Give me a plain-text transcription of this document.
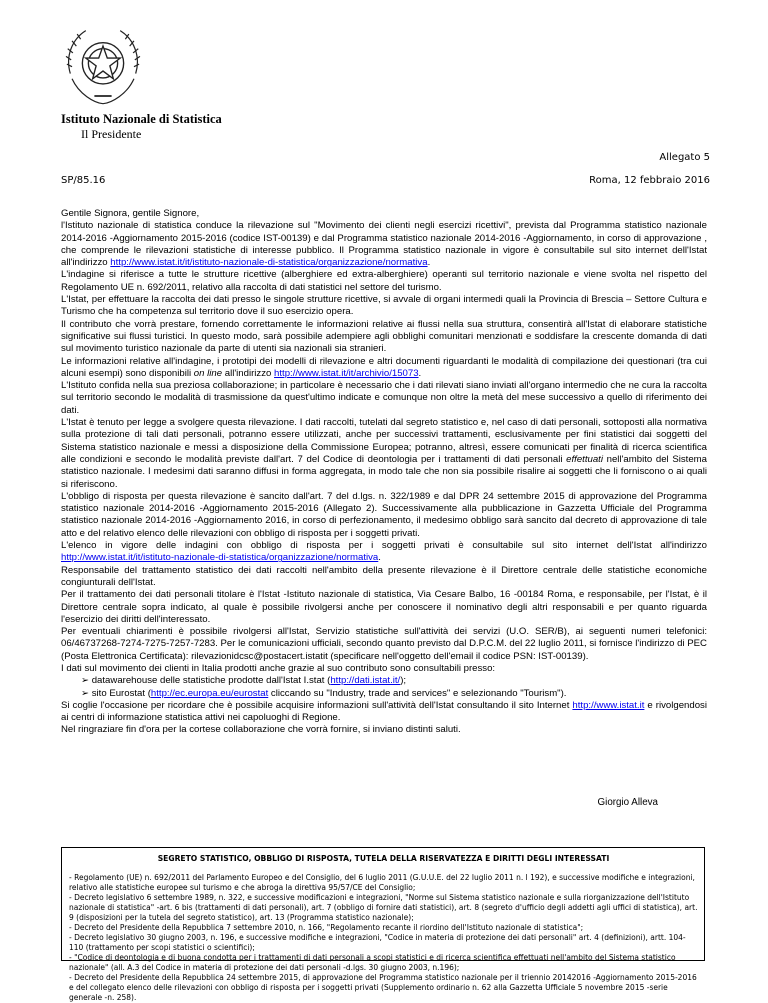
Istituto Nazionale di Statistica
Il Presidente
Allegato 5
SP/85.16	Roma, 12 febbraio 2016

Gentile Signora, gentile Signore,

l'Istituto nazionale di statistica conduce la rilevazione sul "Movimento dei clienti negli esercizi ricettivi", prevista dal Programma statistico nazionale 2014-2016 -Aggiornamento 2015-2016 (codice IST-00139) e dal Programma statistico nazionale 2014-2016 -Aggiornamento, in corso di approvazione , che comprende le rilevazioni statistiche di interesse pubblico. Il Programma statistico nazionale in vigore è consultabile sul sito internet dell'Istat all'indirizzo http://www.istat.it/it/istituto-nazionale-di-statistica/organizzazione/normativa.

L'indagine si riferisce a tutte le strutture ricettive (alberghiere ed extra-alberghiere) operanti sul territorio nazionale e viene svolta nel rispetto del Regolamento UE n. 692/2011, relativo alla raccolta di dati statistici nel settore del turismo.

L'Istat, per effettuare la raccolta dei dati presso le singole strutture ricettive, si avvale di organi intermedi quali la Provincia di Brescia – Settore Cultura e Turismo che ha competenza sul territorio dove il suo esercizio opera.

Il contributo che vorrà prestare, fornendo correttamente le informazioni relative ai flussi nella sua struttura, consentirà all'Istat di elaborare statistiche significative sui flussi turistici. In questo modo, sarà possibile adempiere agli obblighi comunitari menzionati e soddisfare la crescente domanda di dati sul movimento turistico nazionale da parte di utenti sia nazionali sia stranieri.

Le informazioni relative all'indagine, i prototipi dei modelli di rilevazione e altri documenti riguardanti le modalità di compilazione dei questionari (tra cui alcuni esempi) sono disponibili on line all'indirizzo http://www.istat.it/it/archivio/15073.

L'Istituto confida nella sua preziosa collaborazione; in particolare è necessario che i dati rilevati siano inviati all'organo intermedio che ne cura la raccolta sul territorio secondo le modalità di trasmissione da quest'ultimo indicate e comunque non oltre la metà del mese successivo a quello di riferimento dei dati.

L'Istat è tenuto per legge a svolgere questa rilevazione. I dati raccolti, tutelati dal segreto statistico e, nel caso di dati personali, sottoposti alla normativa sulla protezione di tali dati personali, potranno essere utilizzati, anche per successivi trattamenti, esclusivamente per fini statistici dai soggetti del Sistema statistico nazionale e messi a disposizione della Commissione Europea; potranno, altresì, essere comunicati per finalità di ricerca scientifica alle condizioni e secondo le modalità previste dall'art. 7 del Codice di deontologia per i trattamenti di dati personali effettuati nell'ambito del Sistema statistico nazionale. I medesimi dati saranno diffusi in forma aggregata, in modo tale che non sia possibile risalire ai soggetti che li forniscono o ai quali si riferiscono.

L'obbligo di risposta per questa rilevazione è sancito dall'art. 7 del d.lgs. n. 322/1989 e dal DPR 24 settembre 2015 di approvazione del Programma statistico nazionale 2014-2016 -Aggiornamento 2015-2016 (Allegato 2). Successivamente alla pubblicazione in Gazzetta Ufficiale del Programma statistico nazionale 2014-2016 -Aggiornamento 2016, in corso di perfezionamento, il medesimo obbligo sarà sancito dal decreto di approvazione di tale atto e del relativo elenco delle rilevazioni con obbligo di risposta per i soggetti privati.

L'elenco in vigore delle indagini con obbligo di risposta per i soggetti privati è consultabile sul sito internet dell'Istat all'indirizzo http://www.istat.it/it/istituto-nazionale-di-statistica/organizzazione/normativa.

Responsabile del trattamento statistico dei dati raccolti nell'ambito della presente rilevazione è il Direttore centrale delle statistiche economiche congiunturali dell'Istat.

Per il trattamento dei dati personali titolare è l'Istat -Istituto nazionale di statistica, Via Cesare Balbo, 16 -00184 Roma, e responsabile, per l'Istat, è il Direttore centrale sopra indicato, al quale è possibile rivolgersi anche per conoscere il nominativo degli altri responsabili e per quanto riguarda l'esercizio dei diritti dell'interessato.

Per eventuali chiarimenti è possibile rivolgersi all'Istat, Servizio statistiche sull'attività dei servizi (U.O. SER/B), ai seguenti numeri telefonici: 06/46737268-7274-7275-7257-7283. Per le comunicazioni ufficiali, secondo quanto previsto dal D.P.C.M. del 22 luglio 2011, si fornisce l'indirizzo di PEC (Posta Elettronica Certificata): rilevazionidcsc@postacert.istatit (specificare nell'oggetto dell'email il codice PSN: IST-00139).

I dati sul movimento dei clienti in Italia prodotti anche grazie al suo contributo sono consultabili presso:

➢ datawarehouse delle statistiche prodotte dall'Istat I.stat (http://dati.istat.it/);

➢ sito Eurostat (http://ec.europa.eu/eurostat cliccando su "Industry, trade and services" e selezionando "Tourism").

Si coglie l'occasione per ricordare che è possibile acquisire informazioni sull'attività dell'Istat consultando il sito Internet http://www.istat.it e rivolgendosi ai centri di informazione statistica attivi nei capoluoghi di Regione.

Nel ringraziare fin d'ora per la cortese collaborazione che vorrà fornire, si inviano distinti saluti.

Giorgio Alleva
SEGRETO STATISTICO, OBBLIGO DI RISPOSTA, TUTELA DELLA RISERVATEZZA E DIRITTI DEGLI INTERESSATI

- Regolamento (UE) n. 692/2011 del Parlamento Europeo e del Consiglio, del 6 luglio 2011 (G.U.U.E. del 22 luglio 2011 n. l 192), e successive modifiche e integrazioni, relativo alle statistiche europee sul turismo e che abroga la direttiva 95/57/CE del Consiglio;

- Decreto legislativo 6 settembre 1989, n. 322, e successive modificazioni e integrazioni, "Norme sul Sistema statistico nazionale e sulla riorganizzazione dell'Istituto nazionale di statistica" -art. 6 bis (trattamenti di dati personali), art. 7 (obbligo di fornire dati statistici), art. 8 (segreto d'ufficio degli addetti agli uffici di statistica), art. 9 (disposizioni per la tutela del segreto statistico), art. 13 (Programma statistico nazionale);

- Decreto del Presidente della Repubblica 7 settembre 2010, n. 166, "Regolamento recante il riordino dell'Istituto nazionale di statistica";

- Decreto legislativo 30 giugno 2003, n. 196, e successive modifiche e integrazioni, "Codice in materia di protezione dei dati personali" art. 4 (definizioni), artt. 104-110 (trattamento per scopi statistici o scientifici);

- "Codice di deontologia e di buona condotta per i trattamenti di dati personali a scopi statistici e di ricerca scientifica effettuati nell'ambito del Sistema statistico nazionale" (all. A.3 del Codice in materia di protezione dei dati personali -d.lgs. 30 giugno 2003, n.196);

- Decreto del Presidente della Repubblica 24 settembre 2015, di approvazione del Programma statistico nazionale per il triennio 20142016 -Aggiornamento 2015-2016 e del collegato elenco delle rilevazioni con obbligo di risposta per i soggetti privati (Supplemento ordinario n. 62 alla Gazzetta Ufficiale 5 novembre 2015 -serie generale -n. 258).
